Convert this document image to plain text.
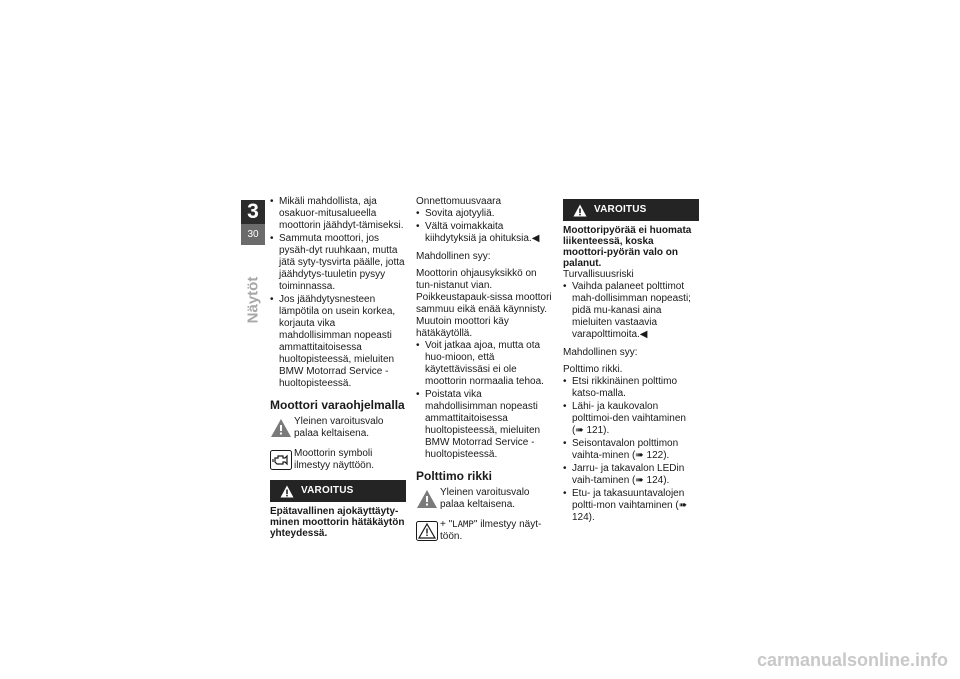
3
30
Näytöt
• Mikäli mahdollista, aja osakuor-mitusalueella moottorin jäähdyt-tämiseksi.
• Sammuta moottori, jos pysäh-dyt ruuhkaan, mutta jätä syty-tysvirta päälle, jotta jäähdytys-tuuletin pysyy toiminnassa.
• Jos jäähdytysnesteen lämpötila on usein korkea, korjauta vika mahdollisimman nopeasti ammattitaitoisessa huoltopisteessä, mieluiten BMW Motorrad Service -huoltopisteessä.
Moottori varaohjelmalla
Yleinen varoitusvalo palaa keltaisena.
Moottorin symboli ilmestyy näyttöön.
VAROITUS
Epätavallinen ajokäyttäyty-minen moottorin hätäkäytön yhteydessä.

Onnettomuusvaara

• Sovita ajotyyliä.
• Vältä voimakkaita kiihdytyksiä ja ohituksia.◀

Mahdollinen syy:

Moottorin ohjausyksikkö on tun-nistanut vian. Poikkeustapauk-sissa moottori sammuu eikä enää käynnisty. Muutoin moottori käy hätäkäytöllä.

• Voit jatkaa ajoa, mutta ota huo-mioon, että käytettävissäsi ei ole moottorin normaalia tehoa.
• Poistata vika mahdollisimman nopeasti ammattitaitoisessa huoltopisteessä, mieluiten BMW Motorrad Service -huoltopisteessä.
Polttimo rikki
Yleinen varoitusvalo palaa keltaisena.
+ "LAMP" ilmestyy näyt-töön.
VAROITUS
Moottoripyörää ei huomata liikenteessä, koska moottori-pyörän valo on palanut.

Turvallisuusriski

• Vaihda palaneet polttimot mah-dollisimman nopeasti; pidä mu-kanasi aina mieluiten vastaavia varapolttimoita.◀

Mahdollinen syy:

Polttimo rikki.

• Etsi rikkinäinen polttimo katso-malla.
• Lähi- ja kaukovalon polttimoi-den vaihtaminen (➠ 121).
• Seisontavalon polttimon vaihta-minen (➠ 122).
• Jarru- ja takavalon LEDin vaih-taminen (➠ 124).
• Etu- ja takasuuntavalojen poltti-mon vaihtaminen (➠ 124).
carmanualsonline.info
